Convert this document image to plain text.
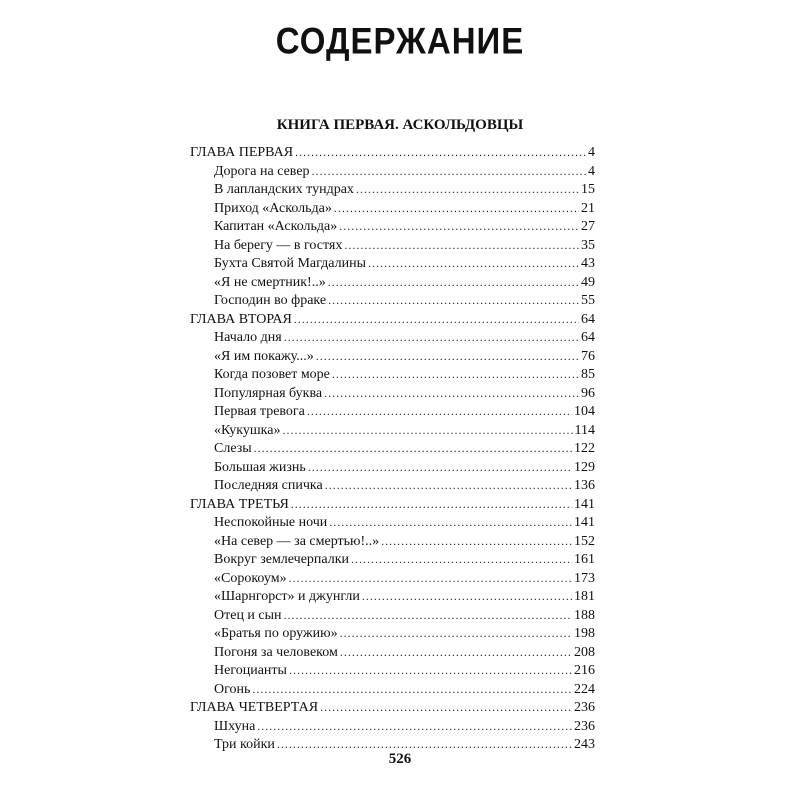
СОДЕРЖАНИЕ
КНИГА ПЕРВАЯ. АСКОЛЬДОВЦЫ
ГЛАВА ПЕРВАЯ .....	4
Дорога на север .....	4
В лапландских тундрах .....	15
Приход «Аскольда» .....	21
Капитан «Аскольда» .....	27
На берегу — в гостях .....	35
Бухта Святой Магдалины .....	43
«Я не смертник!..» .....	49
Господин во фраке .....	55
ГЛАВА ВТОРАЯ .....	64
Начало дня .....	64
«Я им покажу...» .....	76
Когда позовет море .....	85
Популярная буква .....	96
Первая тревога .....	104
«Кукушка» .....	114
Слезы .....	122
Большая жизнь .....	129
Последняя спичка .....	136
ГЛАВА ТРЕТЬЯ .....	141
Неспокойные ночи .....	141
«На север — за смертью!..» .....	152
Вокруг землечерпалки .....	161
«Сорокоум» .....	173
«Шарнгорст» и джунгли .....	181
Отец и сын .....	188
«Братья по оружию» .....	198
Погоня за человеком .....	208
Негоцианты .....	216
Огонь .....	224
ГЛАВА ЧЕТВЕРТАЯ .....	236
Шхуна .....	236
Три койки .....	243
526
